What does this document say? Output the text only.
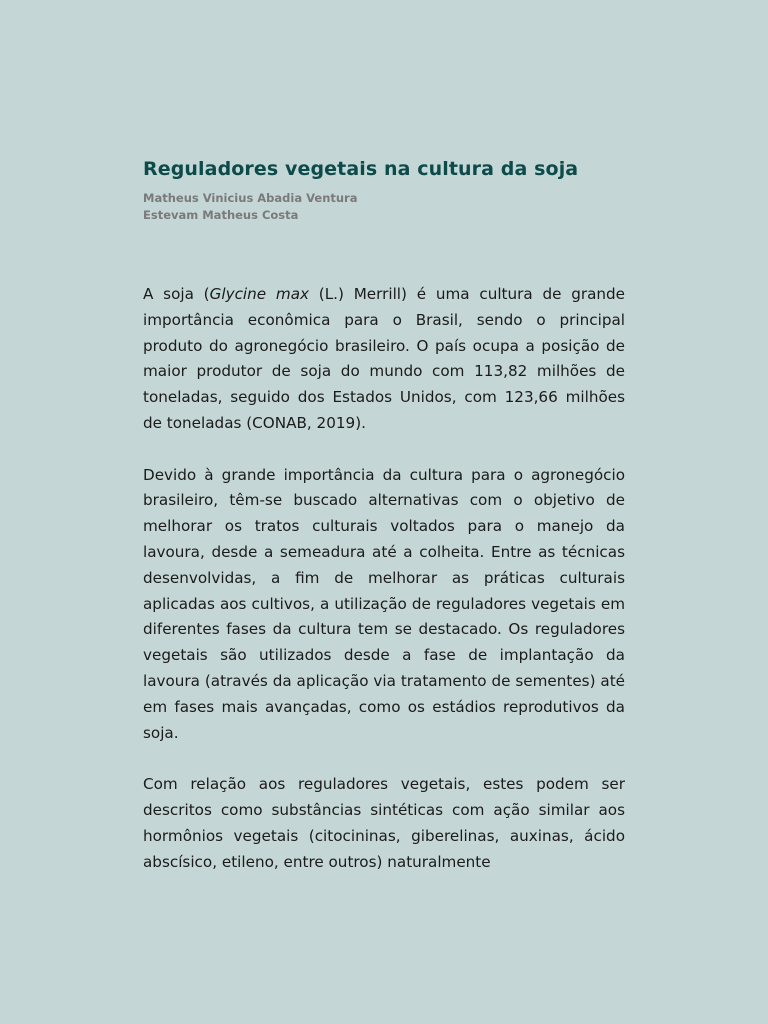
Reguladores vegetais na cultura da soja
Matheus Vinicius Abadia Ventura
Estevam Matheus Costa

A soja (Glycine max (L.) Merrill) é uma cultura de grande importância econômica para o Brasil, sendo o principal produto do agronegócio brasileiro. O país ocupa a posição de maior produtor de soja do mundo com 113,82 milhões de toneladas, seguido dos Estados Unidos, com 123,66 milhões de toneladas (CONAB, 2019).

Devido à grande importância da cultura para o agronegócio brasileiro, têm-se buscado alternativas com o objetivo de melhorar os tratos culturais voltados para o manejo da lavoura, desde a semeadura até a colheita. Entre as técnicas desenvolvidas, a fim de melhorar as práticas culturais aplicadas aos cultivos, a utilização de reguladores vegetais em diferentes fases da cultura tem se destacado. Os reguladores vegetais são utilizados desde a fase de implantação da lavoura (através da aplicação via tratamento de sementes) até em fases mais avançadas, como os estádios reprodutivos da soja.

Com relação aos reguladores vegetais, estes podem ser descritos como substâncias sintéticas com ação similar aos hormônios vegetais (citocininas, giberelinas, auxinas, ácido abscísico, etileno, entre outros) naturalmente
